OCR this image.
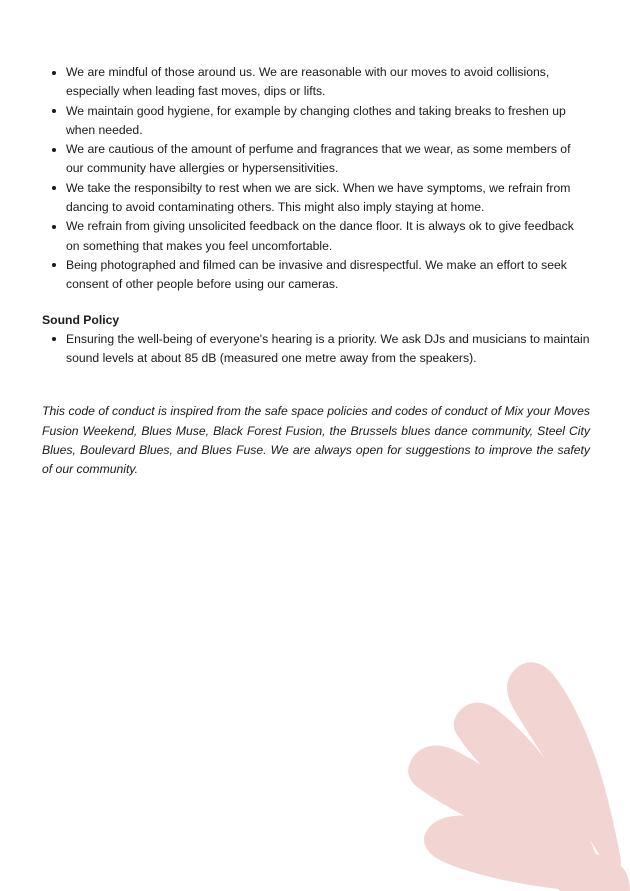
We are mindful of those around us. We are reasonable with our moves to avoid collisions, especially when leading fast moves, dips or lifts.
We maintain good hygiene, for example by changing clothes and taking breaks to freshen up when needed.
We are cautious of the amount of perfume and fragrances that we wear, as some members of our community have allergies or hypersensitivities.
We take the responsibilty to rest when we are sick. When we have symptoms, we refrain from dancing to avoid contaminating others. This might also imply staying at home.
We refrain from giving unsolicited feedback on the dance floor. It is always ok to give feedback on something that makes you feel uncomfortable.
Being photographed and filmed can be invasive and disrespectful. We make an effort to seek consent of other people before using our cameras.
Sound Policy
Ensuring the well-being of everyone's hearing is a priority. We ask DJs and musicians to maintain sound levels at about 85 dB (measured one metre away from the speakers).

This code of conduct is inspired from the safe space policies and codes of conduct of Mix your Moves Fusion Weekend, Blues Muse, Black Forest Fusion, the Brussels blues dance community, Steel City Blues, Boulevard Blues, and Blues Fuse. We are always open for suggestions to improve the safety of our community.
